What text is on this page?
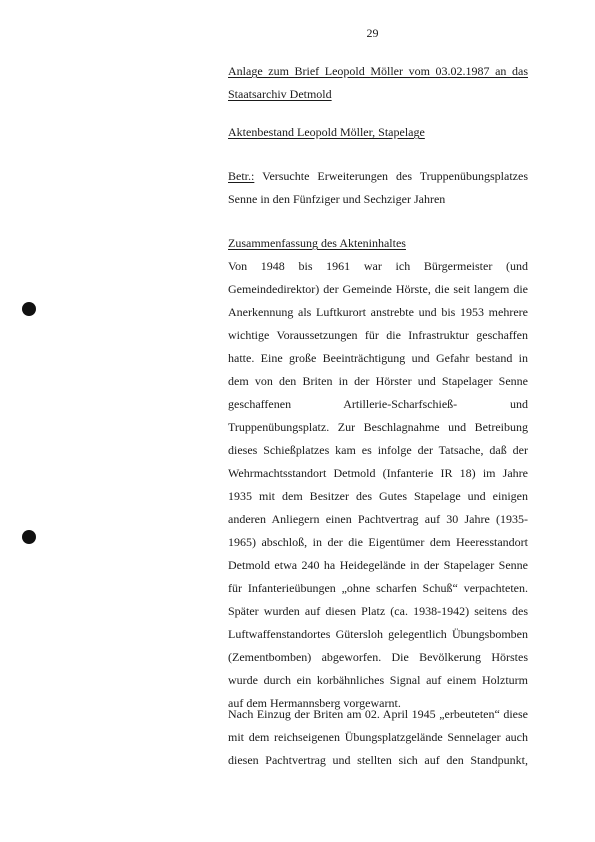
29
Anlage zum Brief Leopold Möller vom 03.02.1987 an das
Staatsarchiv Detmold
Aktenbestand Leopold Möller, Stapelage
Betr.: Versuchte Erweiterungen des Truppenübungsplatzes
Senne in den Fünfziger und Sechziger Jahren
Zusammenfassung des Akteninhaltes
Von 1948 bis 1961 war ich Bürgermeister (und
Gemeindedirektor) der Gemeinde Hörste, die seit langem die
Anerkennung als Luftkurort anstrebte und bis 1953 mehrere
wichtige Voraussetzungen für die Infrastruktur geschaffen
hatte. Eine große Beeinträchtigung und Gefahr bestand in
dem von den Briten in der Hörster und Stapelager Senne
geschaffenen Artillerie-Scharfschieß- und
Truppenübungsplatz. Zur Beschlagnahme und Betreibung
dieses Schießplatzes kam es infolge der Tatsache, daß der
Wehrmachtsstandort Detmold (Infanterie IR 18) im Jahre
1935 mit dem Besitzer des Gutes Stapelage und einigen
anderen Anliegern einen Pachtvertrag auf 30 Jahre (1935-
1965) abschloß, in der die Eigentümer dem Heeresstandort
Detmold etwa 240 ha Heidegelände in der Stapelager Senne
für Infanterieübungen „ohne scharfen Schuß“ verpachteten.
Später wurden auf diesen Platz (ca. 1938-1942) seitens des
Luftwaffenstandortes Gütersloh gelegentlich Übungsbomben
(Zementbomben) abgeworfen. Die Bevölkerung Hörstes
wurde durch ein korbähnliches Signal auf einem Holzturm
auf dem Hermannsberg vorgewarnt.
Nach Einzug der Briten am 02. April 1945 „erbeuteten“ diese
mit dem reichseigenen Übungsplatzgelände Sennelager auch
diesen Pachtvertrag und stellten sich auf den Standpunkt,
